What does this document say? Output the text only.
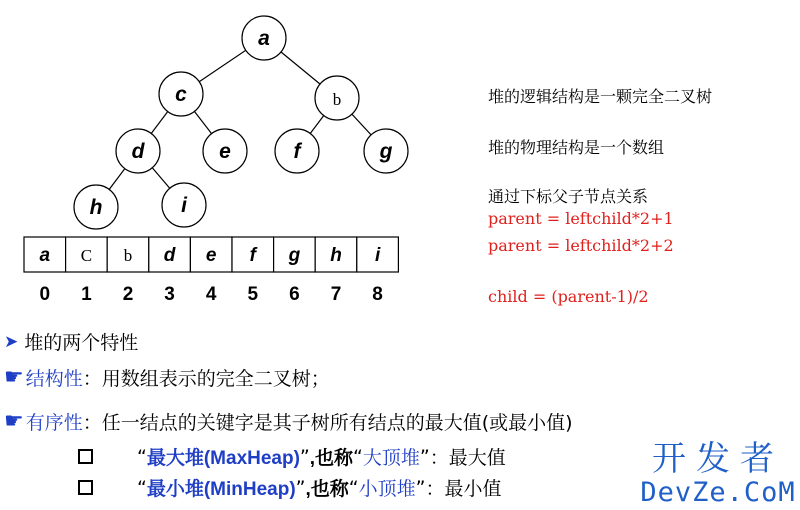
a
c	b
d	e	f	g
h	i
a C b d e f g h i
0 1 2 3 4 5 6 7 8
堆的逻辑结构是一颗完全二叉树
堆的物理结构是一个数组
通过下标父子节点关系
parent = leftchild*2+1
parent = leftchild*2+2
child = (parent-1)/2
➤ 堆的两个特性
☛ 结构性 ：用数组表示的完全二叉树；
☛ 有序性 ：任一结点的关键字是其子树所有结点的最大值(或最小值)
“ 最大堆(MaxHeap) ” ,也称 “ 大顶堆 ” ：最大值
“ 最小堆(MinHeap) ” ,也称 “ 小顶堆 ” ：最小值
开发者
DevZe.CoM
